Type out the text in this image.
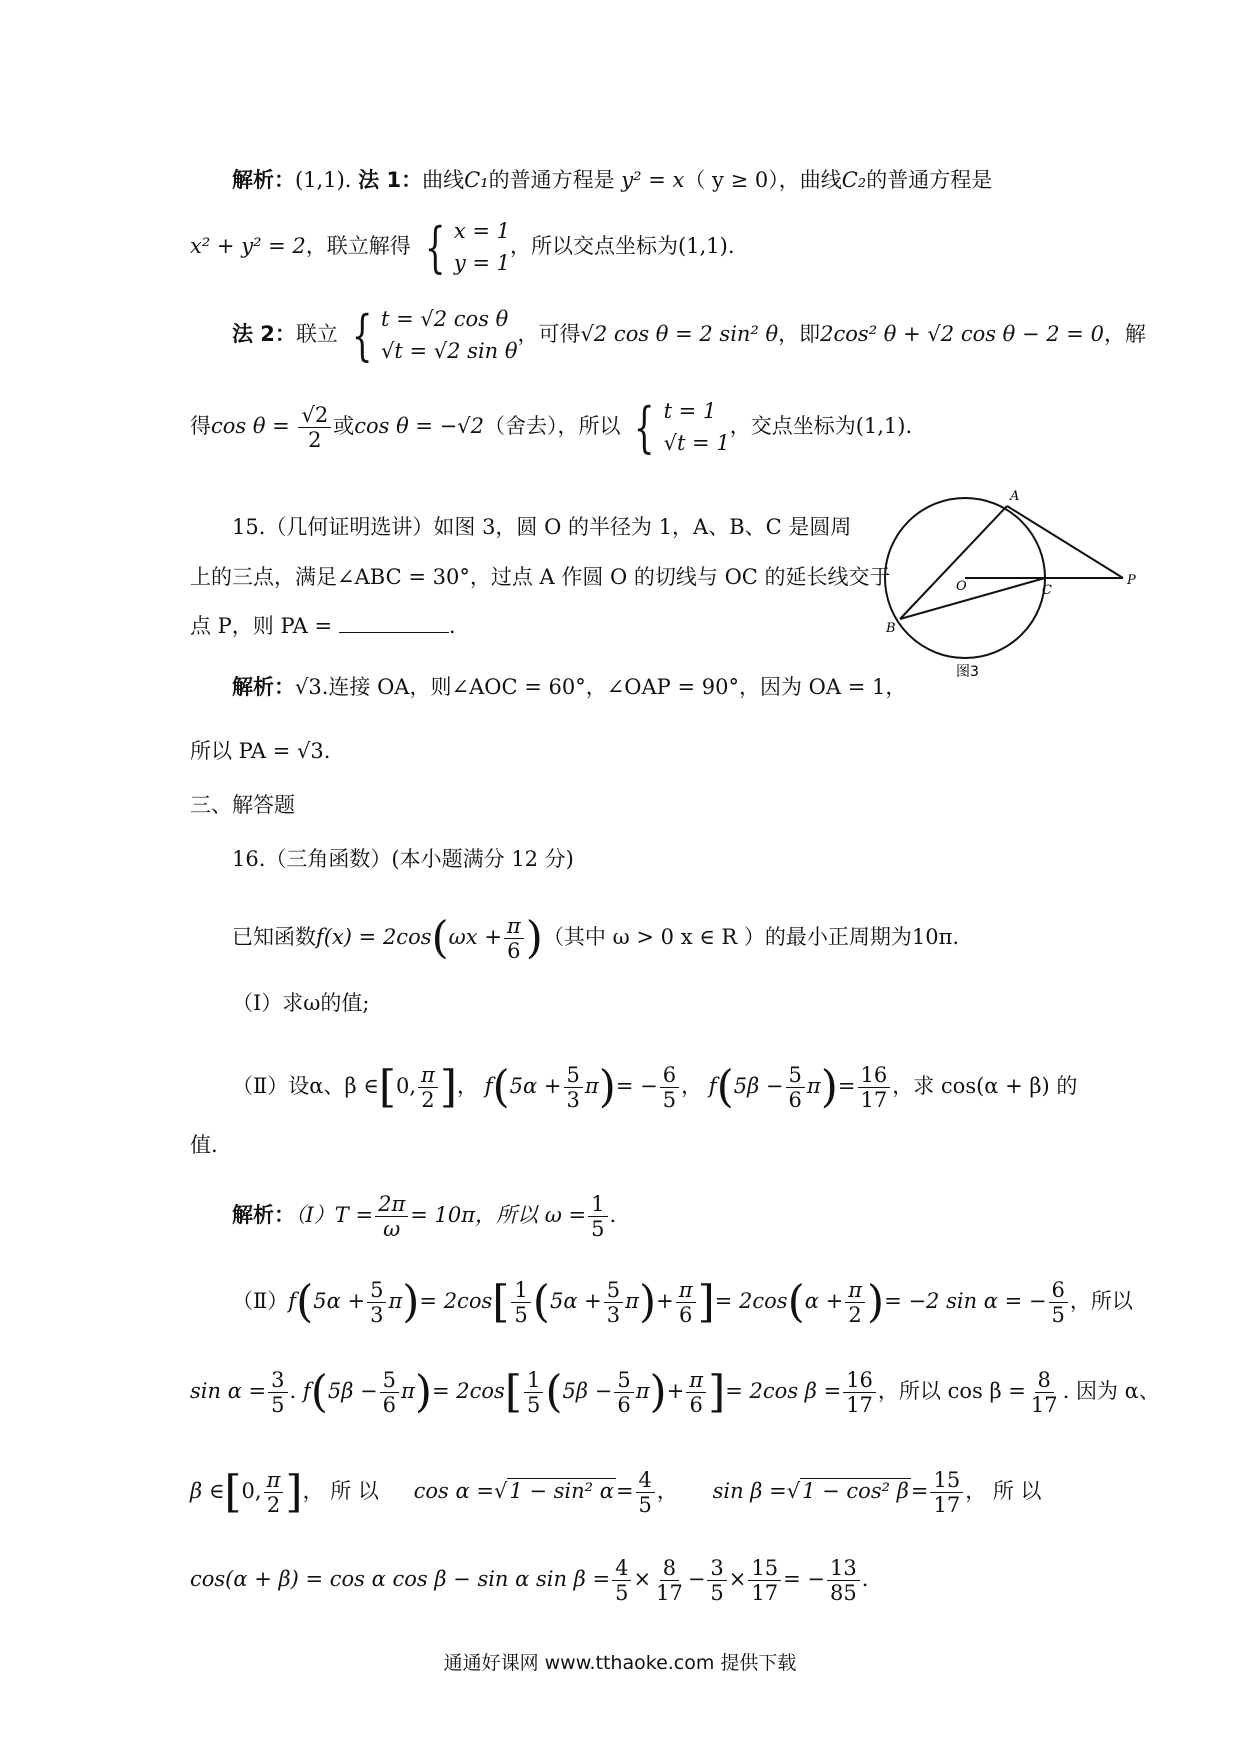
解析：(1,1). 法 1：曲线C₁的普通方程是 y² = x（ y ≥ 0），曲线C₂的普通方程是
x² + y² = 2，联立解得 { x = 1
y = 1
，所以交点坐标为(1,1).
法 2：联立 { t = √2 cos θ
√t = √2 sin θ
，可得√2 cos θ = 2 sin² θ，即2cos² θ + √2 cos θ − 2 = 0，解
得$\cos \theta = \frac{√2}{2}$ 或cos θ = −√2（舍去），所以 { t = 1
√t = 1
，交点坐标为(1,1).
15.（几何证明选讲）如图 3，圆 O 的半径为 1，A、B、C 是圆周
上的三点，满足∠ABC = 30°，过点 A 作圆 O 的切线与 OC 的延长线交于
点 P，则 PA =	.
解析：√3.连接 OA，则∠AOC = 60°，∠OAP = 90°，因为 OA = 1，
所以 PA = √3.
A
O	C
P
B
图3
三、解答题
16.（三角函数）(本小题满分 12 分)
已知函数$f(x) = 2\cos(\omega x + \frac{\pi}{6}$ )（其中 ω > 0 x ∈ R ）的最小正周期为10π.
（Ⅰ）求ω的值;
（Ⅱ）设α、β ∈[0, $\frac{\pi}{2}$ ]， $f(5\alpha + \frac{5}{3} \pi)= - \frac{6}{5}$ ， $f(5\beta - \frac{5}{6} \pi)= \frac{16}{17}$ ，求 cos(α + β) 的
值.
解析：（Ⅰ）T = $\frac{2\pi}{\omega} = 10\pi$，所以 $\omega = \frac{1}{5}$ .
（Ⅱ）f(5α + $\frac{5}{3} \pi)= 2\cos[ \frac{1}{5} (5\alpha + \frac{5}{3} \pi)+ \frac{\pi}{6}$ ]= $2\cos(\alpha + \frac{\pi}{2}$ )= −2 sin α = − $\frac{6}{5}$ ，所以
$\sin \alpha = \frac{3}{5}$ . $f(5\beta - \frac{5}{6} \pi)= 2\cos[ \frac{1}{5} (5\beta - \frac{5}{6} \pi)+ \frac{\pi}{6}$ ]= 2cos $\beta = \frac{16}{17}$ ，所以 $\cos \beta = \frac{8}{17}$ . 因为 α、
β ∈[0, $\frac{\pi}{2}$ ]， 所 以 cos α =√1 − sin² $\alpha= \frac{4}{5}$ ， sin β =√1 − cos² $\beta= \frac{15}{17}$ ， 所 以
cos(α + β) = cos α cos β − sin α $\sin \beta = \frac{4}{5} \times \frac{8}{17} - \frac{3}{5} \times \frac{15}{17}$ = − $\frac{13}{85}$ .
通通好课网 www.tthaoke.com 提供下载
